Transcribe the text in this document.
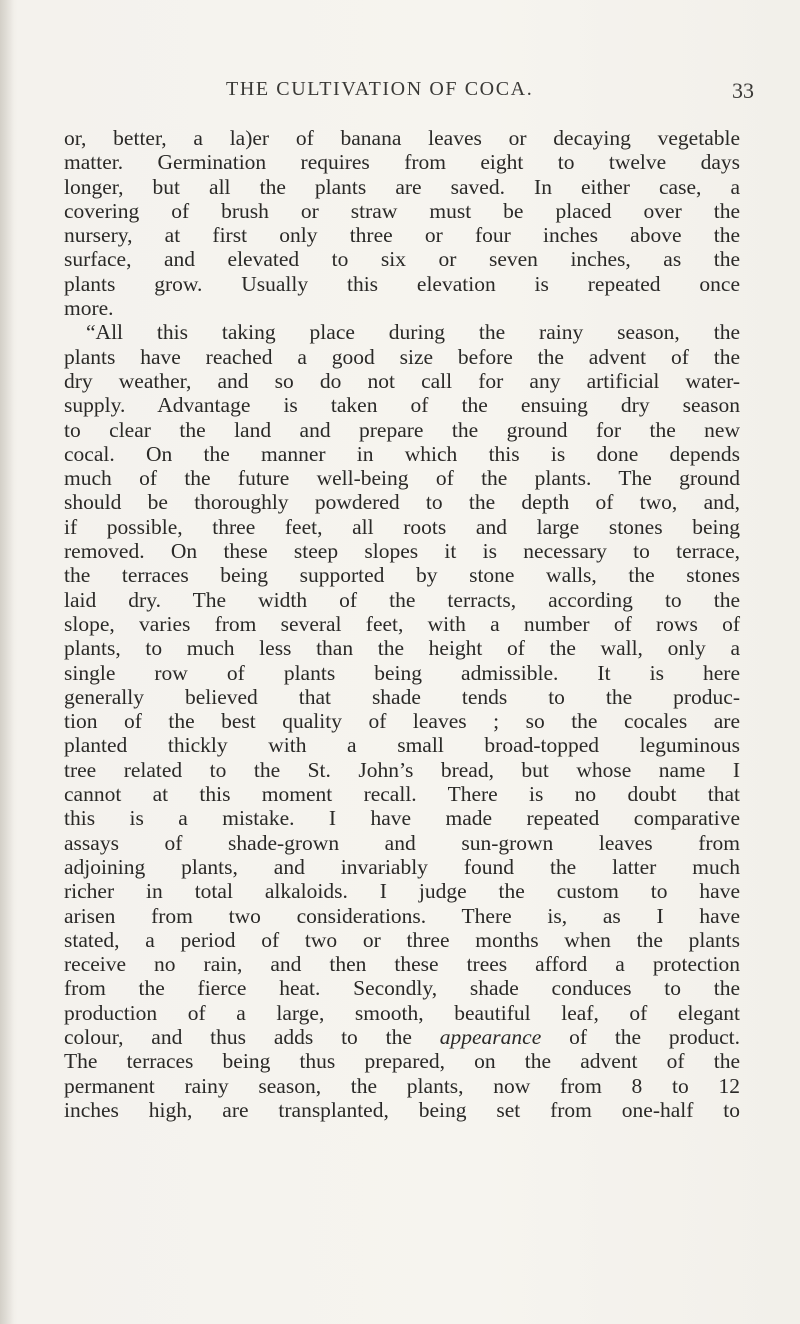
THE CULTIVATION OF COCA.	33
or, better, a la)er of banana leaves or decaying vegetable
matter. Germination requires from eight to twelve days
longer, but all the plants are saved. In either case, a
covering of brush or straw must be placed over the
nursery, at first only three or four inches above the
surface, and elevated to six or seven inches, as the
plants grow. Usually this elevation is repeated once
more.
“All this taking place during the rainy season, the
plants have reached a good size before the advent of the
dry weather, and so do not call for any artificial water-
supply. Advantage is taken of the ensuing dry season
to clear the land and prepare the ground for the new
cocal. On the manner in which this is done depends
much of the future well-being of the plants. The ground
should be thoroughly powdered to the depth of two, and,
if possible, three feet, all roots and large stones being
removed. On these steep slopes it is necessary to terrace,
the terraces being supported by stone walls, the stones
laid dry. The width of the terracts, according to the
slope, varies from several feet, with a number of rows of
plants, to much less than the height of the wall, only a
single row of plants being admissible. It is here
generally believed that shade tends to the produc-
tion of the best quality of leaves ; so the cocales are
planted thickly with a small broad-topped leguminous
tree related to the St. John’s bread, but whose name I
cannot at this moment recall. There is no doubt that
this is a mistake. I have made repeated comparative
assays of shade-grown and sun-grown leaves from
adjoining plants, and invariably found the latter much
richer in total alkaloids. I judge the custom to have
arisen from two considerations. There is, as I have
stated, a period of two or three months when the plants
receive no rain, and then these trees afford a protection
from the fierce heat. Secondly, shade conduces to the
production of a large, smooth, beautiful leaf, of elegant
colour, and thus adds to the appearance of the product.
The terraces being thus prepared, on the advent of the
permanent rainy season, the plants, now from 8 to 12
inches high, are transplanted, being set from one-half to
